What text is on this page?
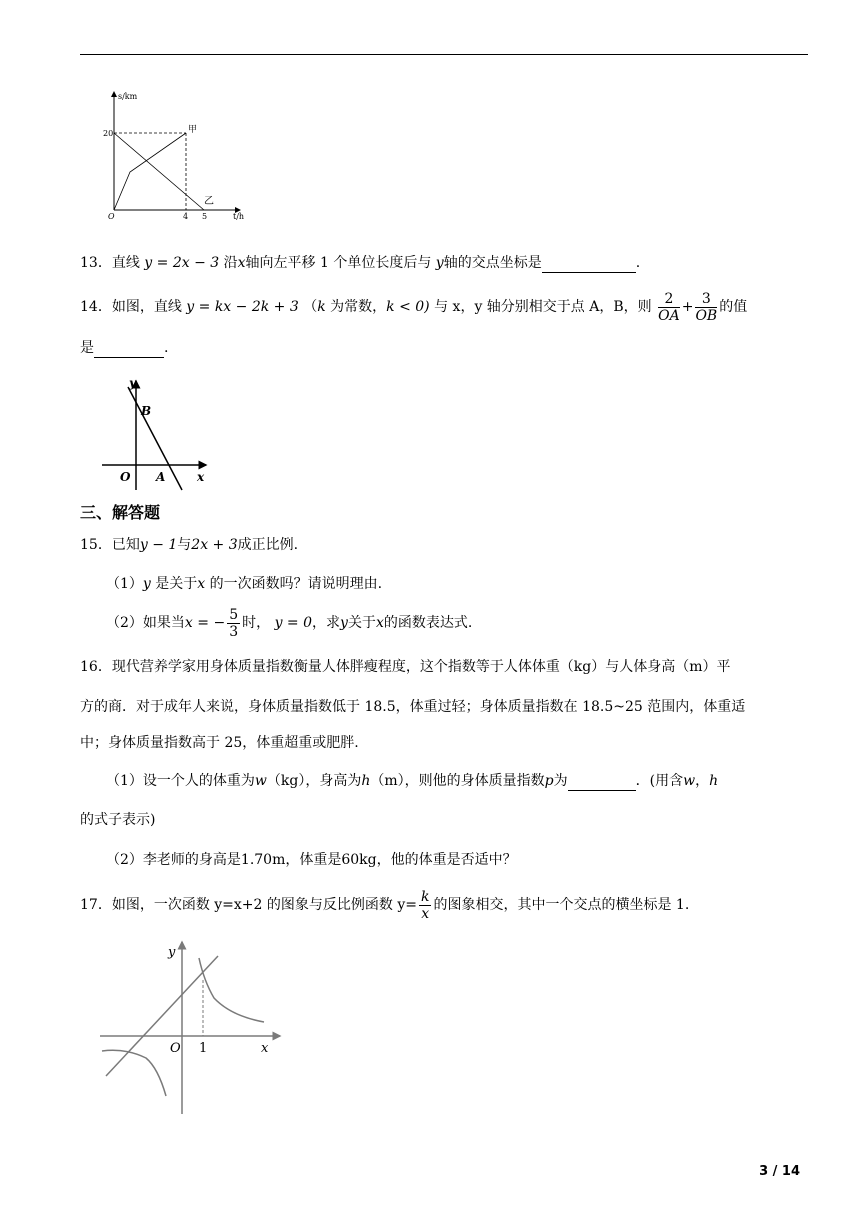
s/km
20	甲
乙
O	4 5	t/h
13．直线 y = 2x − 3 沿x轴向左平移 1 个单位长度后与 y轴的交点坐标是	.
14．如图，直线 y = kx − 2k + 3 （k 为常数，k < 0) 与 x，y 轴分别相交于点 A，B，则 $\frac{2}{OA} + \frac{3}{OB}$ 的值
是	.
y
B
O A	x
三、解答题
15．已知y − 1与2x + 3成正比例.
（1）y 是关于x 的一次函数吗？请说明理由.
（2）如果当x = − $\frac{5}{3}$ 时， y = 0，求y关于x的函数表达式.
16．现代营养学家用身体质量指数衡量人体胖瘦程度，这个指数等于人体体重（kg）与人体身高（m）平
方的商．对于成年人来说，身体质量指数低于 18.5，体重过轻；身体质量指数在 18.5~25 范围内，体重适
中；身体质量指数高于 25，体重超重或肥胖.
（1）设一个人的体重为w（kg），身高为h（m），则他的身体质量指数p为	．(用含w，h
的式子表示)
（2）李老师的身高是1.70m，体重是60kg，他的体重是否适中？
17．如图，一次函数 y=x+2 的图象与反比例函数 $y= \frac{k}{x}$ 的图象相交，其中一个交点的横坐标是 1.
y
O 1	x
3 / 14
